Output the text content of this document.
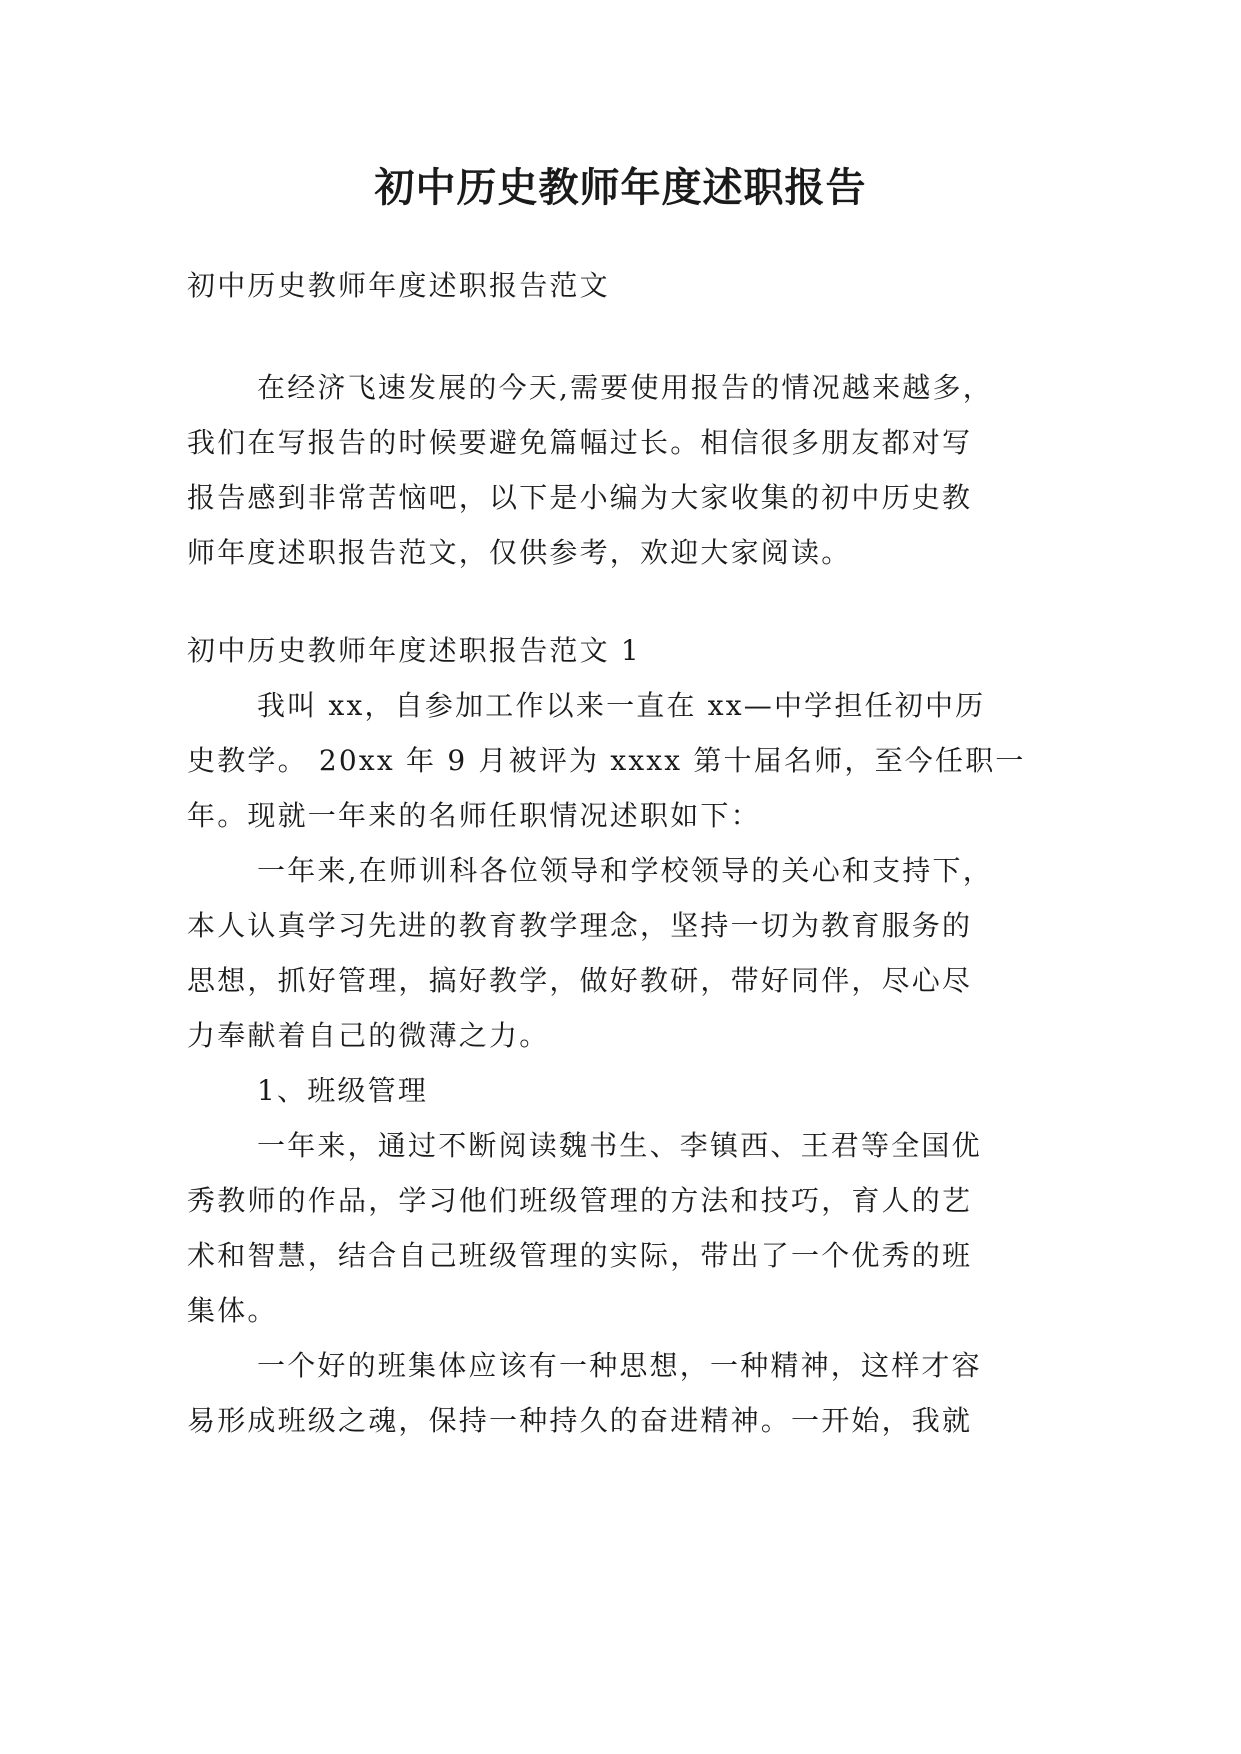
初中历史教师年度述职报告
初中历史教师年度述职报告范文
在经济飞速发展的今天,需要使用报告的情况越来越多，
我们在写报告的时候要避免篇幅过长。相信很多朋友都对写
报告感到非常苦恼吧，以下是小编为大家收集的初中历史教
师年度述职报告范文，仅供参考，欢迎大家阅读。
初中历史教师年度述职报告范文 1
我叫 xx，自参加工作以来一直在 xx—中学担任初中历
史教学。 20xx 年 9 月被评为 xxxx 第十届名师，至今任职一
年。现就一年来的名师任职情况述职如下：
一年来,在师训科各位领导和学校领导的关心和支持下，
本人认真学习先进的教育教学理念，坚持一切为教育服务的
思想，抓好管理，搞好教学，做好教研，带好同伴，尽心尽
力奉献着自己的微薄之力。
1、班级管理
一年来，通过不断阅读魏书生、李镇西、王君等全国优
秀教师的作品，学习他们班级管理的方法和技巧，育人的艺
术和智慧，结合自己班级管理的实际，带出了一个优秀的班
集体。
一个好的班集体应该有一种思想，一种精神，这样才容
易形成班级之魂，保持一种持久的奋进精神。一开始，我就
